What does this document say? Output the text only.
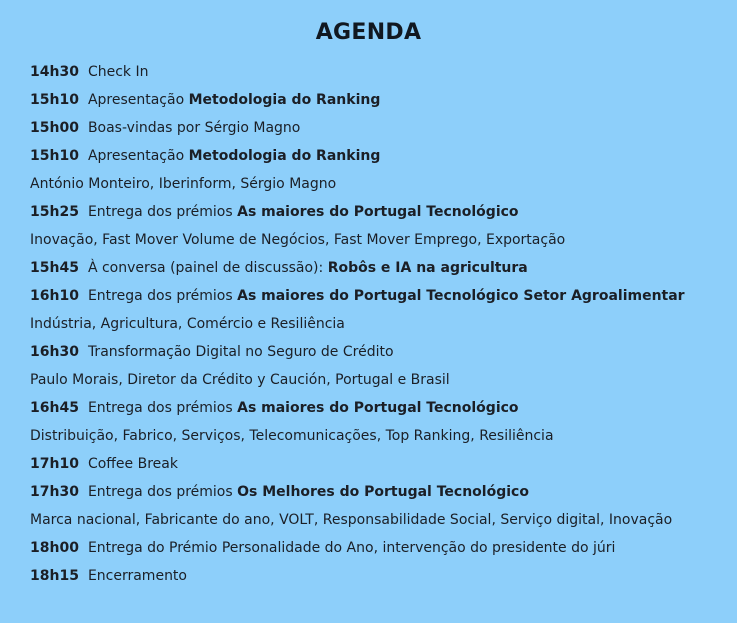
AGENDA
14h30 Check In
15h10 Apresentação Metodologia do Ranking
15h00 Boas-vindas por Sérgio Magno
15h10 Apresentação Metodologia do Ranking
António Monteiro, Iberinform, Sérgio Magno
15h25 Entrega dos prémios As maiores do Portugal Tecnológico
Inovação, Fast Mover Volume de Negócios, Fast Mover Emprego, Exportação
15h45 À conversa (painel de discussão): Robôs e IA na agricultura
16h10 Entrega dos prémios As maiores do Portugal Tecnológico Setor Agroalimentar
Indústria, Agricultura, Comércio e Resiliência
16h30 Transformação Digital no Seguro de Crédito
Paulo Morais, Diretor da Crédito y Caución, Portugal e Brasil
16h45 Entrega dos prémios As maiores do Portugal Tecnológico
Distribuição, Fabrico, Serviços, Telecomunicações, Top Ranking, Resiliência
17h10 Coffee Break
17h30 Entrega dos prémios Os Melhores do Portugal Tecnológico
Marca nacional, Fabricante do ano, VOLT, Responsabilidade Social, Serviço digital, Inovação
18h00 Entrega do Prémio Personalidade do Ano, intervenção do presidente do júri
18h15 Encerramento
